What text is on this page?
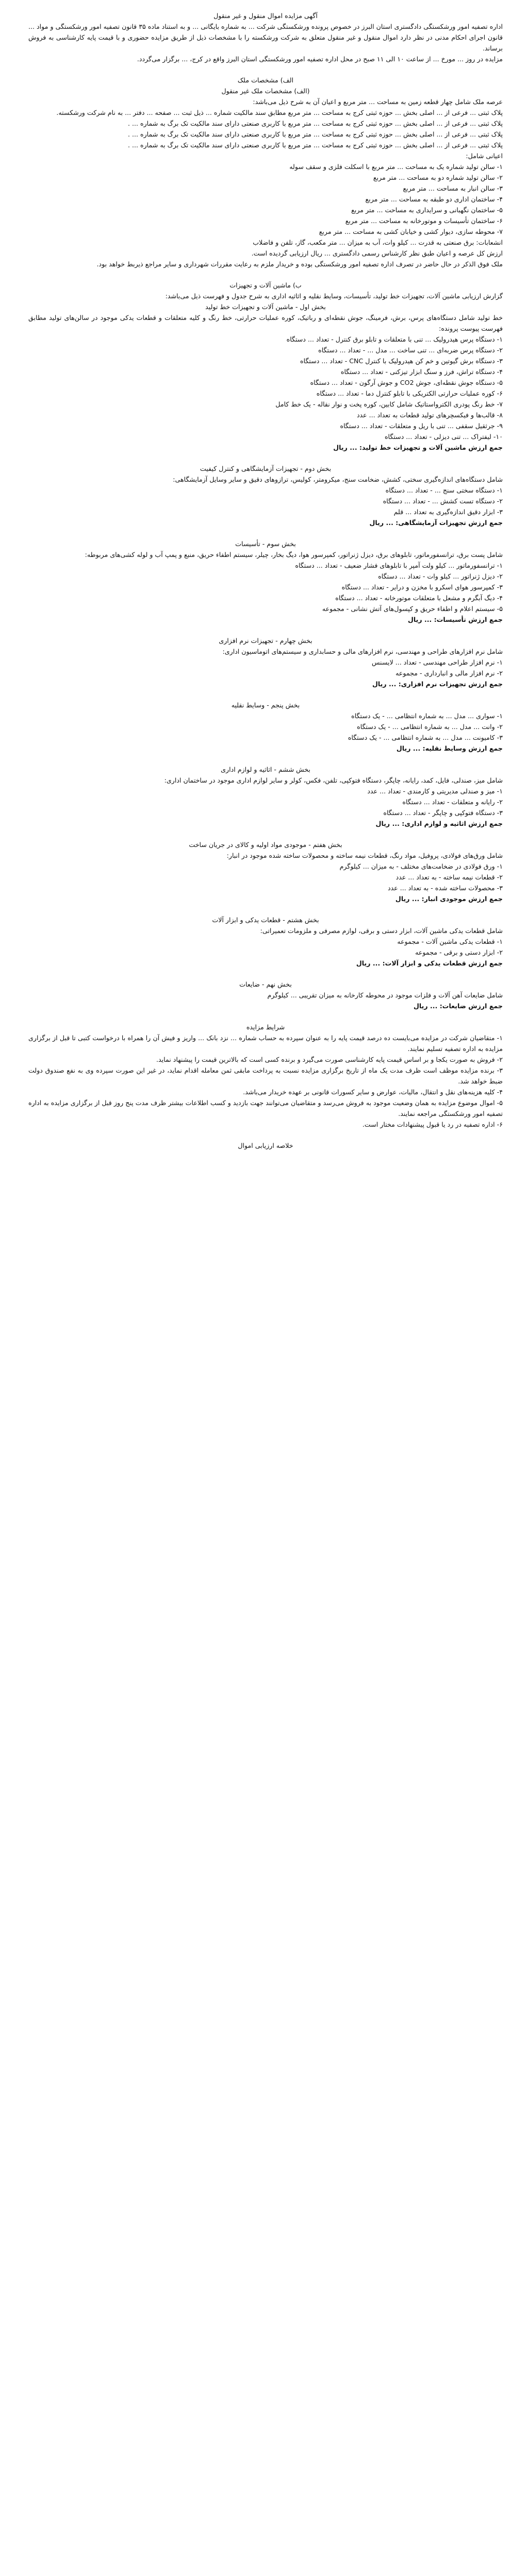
آگهی مزایده اموال منقول و غیر منقول

اداره تصفیه امور ورشکستگی دادگستری استان البرز در خصوص پرونده ورشکستگی شرکت ... به شماره بایگانی ... و به استناد ماده ۳۵ قانون تصفیه امور ورشکستگی و مواد ... قانون اجرای احکام مدنی در نظر دارد اموال منقول و غیر منقول متعلق به شرکت ورشکسته را با مشخصات ذیل از طریق مزایده حضوری و با قیمت پایه کارشناسی به فروش برساند.

مزایده در روز ... مورخ ... از ساعت ۱۰ الی ۱۱ صبح در محل اداره تصفیه امور ورشکستگی استان البرز واقع در کرج، ... برگزار می‌گردد.

الف) مشخصات ملک

(الف) مشخصات ملک غیر منقول

عرصه ملک شامل چهار قطعه زمین به مساحت ... متر مربع و اعیان آن به شرح ذیل می‌باشد:

پلاک ثبتی ... فرعی از ... اصلی بخش ... حوزه ثبتی کرج به مساحت ... متر مربع مطابق سند مالکیت شماره ... ذیل ثبت ... صفحه ... دفتر ... به نام شرکت ورشکسته.

پلاک ثبتی ... فرعی از ... اصلی بخش ... حوزه ثبتی کرج به مساحت ... متر مربع با کاربری صنعتی دارای سند مالکیت تک برگ به شماره ... .

پلاک ثبتی ... فرعی از ... اصلی بخش ... حوزه ثبتی کرج به مساحت ... متر مربع با کاربری صنعتی دارای سند مالکیت تک برگ به شماره ... .

پلاک ثبتی ... فرعی از ... اصلی بخش ... حوزه ثبتی کرج به مساحت ... متر مربع با کاربری صنعتی دارای سند مالکیت تک برگ به شماره ... .

اعیانی شامل:

۱- سالن تولید شماره یک به مساحت ... متر مربع با اسکلت فلزی و سقف سوله

۲- سالن تولید شماره دو به مساحت ... متر مربع

۳- سالن انبار به مساحت ... متر مربع

۴- ساختمان اداری دو طبقه به مساحت ... متر مربع

۵- ساختمان نگهبانی و سرایداری به مساحت ... متر مربع

۶- ساختمان تأسیسات و موتورخانه به مساحت ... متر مربع

۷- محوطه سازی، دیوار کشی و خیابان کشی به مساحت ... متر مربع

انشعابات: برق صنعتی به قدرت ... کیلو وات، آب به میزان ... متر مکعب، گاز، تلفن و فاضلاب

ارزش کل عرصه و اعیان طبق نظر کارشناس رسمی دادگستری ... ریال ارزیابی گردیده است.

ملک فوق الذکر در حال حاضر در تصرف اداره تصفیه امور ورشکستگی بوده و خریدار ملزم به رعایت مقررات شهرداری و سایر مراجع ذیربط خواهد بود.

ب) ماشین آلات و تجهیزات

گزارش ارزیابی ماشین آلات، تجهیزات خط تولید، تأسیسات، وسایط نقلیه و اثاثیه اداری به شرح جدول و فهرست ذیل می‌باشد:

بخش اول - ماشین آلات و تجهیزات خط تولید

خط تولید شامل دستگاه‌های پرس، برش، فرمینگ، جوش نقطه‌ای و رباتیک، کوره عملیات حرارتی، خط رنگ و کلیه متعلقات و قطعات یدکی موجود در سالن‌های تولید مطابق فهرست پیوست پرونده:

۱- دستگاه پرس هیدرولیک ... تنی با متعلقات و تابلو برق کنترل - تعداد ... دستگاه

۲- دستگاه پرس ضربه‌ای ... تنی ساخت ... مدل ... - تعداد ... دستگاه

۳- دستگاه برش گیوتین و خم کن هیدرولیک با کنترل CNC - تعداد ... دستگاه

۴- دستگاه تراش، فرز و سنگ ابزار تیزکنی - تعداد ... دستگاه

۵- دستگاه جوش نقطه‌ای، جوش CO2 و جوش آرگون - تعداد ... دستگاه

۶- کوره عملیات حرارتی الکتریکی با تابلو کنترل دما - تعداد ... دستگاه

۷- خط رنگ پودری الکترواستاتیک شامل کابین، کوره پخت و نوار نقاله - یک خط کامل

۸- قالب‌ها و فیکسچرهای تولید قطعات به تعداد ... عدد

۹- جرثقیل سقفی ... تنی با ریل و متعلقات - تعداد ... دستگاه

۱۰- لیفتراک ... تنی دیزلی - تعداد ... دستگاه

جمع ارزش ماشین آلات و تجهیزات خط تولید: ... ریال

بخش دوم - تجهیزات آزمایشگاهی و کنترل کیفیت

شامل دستگاه‌های اندازه‌گیری سختی، کشش، ضخامت سنج، میکرومتر، کولیس، ترازوهای دقیق و سایر وسایل آزمایشگاهی:

۱- دستگاه سختی سنج ... - تعداد ... دستگاه

۲- دستگاه تست کشش ... - تعداد ... دستگاه

۳- ابزار دقیق اندازه‌گیری به تعداد ... قلم

جمع ارزش تجهیزات آزمایشگاهی: ... ریال

بخش سوم - تأسیسات

شامل پست برق، ترانسفورماتور، تابلوهای برق، دیزل ژنراتور، کمپرسور هوا، دیگ بخار، چیلر، سیستم اطفاء حریق، منبع و پمپ آب و لوله کشی‌های مربوطه:

۱- ترانسفورماتور ... کیلو ولت آمپر با تابلوهای فشار ضعیف - تعداد ... دستگاه

۲- دیزل ژنراتور ... کیلو وات - تعداد ... دستگاه

۳- کمپرسور هوای اسکرو با مخزن و درایر - تعداد ... دستگاه

۴- دیگ آبگرم و مشعل با متعلقات موتورخانه - تعداد ... دستگاه

۵- سیستم اعلام و اطفاء حریق و کپسول‌های آتش نشانی - مجموعه

جمع ارزش تأسیسات: ... ریال

بخش چهارم - تجهیزات نرم افزاری

شامل نرم افزارهای طراحی و مهندسی، نرم افزارهای مالی و حسابداری و سیستم‌های اتوماسیون اداری:

۱- نرم افزار طراحی مهندسی - تعداد ... لایسنس

۲- نرم افزار مالی و انبارداری - مجموعه

جمع ارزش تجهیزات نرم افزاری: ... ریال

بخش پنجم - وسایط نقلیه

۱- سواری ... مدل ... به شماره انتظامی ... - یک دستگاه

۲- وانت ... مدل ... به شماره انتظامی ... - یک دستگاه

۳- کامیونت ... مدل ... به شماره انتظامی ... - یک دستگاه

جمع ارزش وسایط نقلیه: ... ریال

بخش ششم - اثاثیه و لوازم اداری

شامل میز، صندلی، فایل، کمد، رایانه، چاپگر، دستگاه فتوکپی، تلفن، فکس، کولر و سایر لوازم اداری موجود در ساختمان اداری:

۱- میز و صندلی مدیریتی و کارمندی - تعداد ... عدد

۲- رایانه و متعلقات - تعداد ... دستگاه

۳- دستگاه فتوکپی و چاپگر - تعداد ... دستگاه

جمع ارزش اثاثیه و لوازم اداری: ... ریال

بخش هفتم - موجودی مواد اولیه و کالای در جریان ساخت

شامل ورق‌های فولادی، پروفیل، مواد رنگ، قطعات نیمه ساخته و محصولات ساخته شده موجود در انبار:

۱- ورق فولادی در ضخامت‌های مختلف - به میزان ... کیلوگرم

۲- قطعات نیمه ساخته - به تعداد ... عدد

۳- محصولات ساخته شده - به تعداد ... عدد

جمع ارزش موجودی انبار: ... ریال

بخش هشتم - قطعات یدکی و ابزار آلات

شامل قطعات یدکی ماشین آلات، ابزار دستی و برقی، لوازم مصرفی و ملزومات تعمیراتی:

۱- قطعات یدکی ماشین آلات - مجموعه

۲- ابزار دستی و برقی - مجموعه

جمع ارزش قطعات یدکی و ابزار آلات: ... ریال

بخش نهم - ضایعات

شامل ضایعات آهن آلات و فلزات موجود در محوطه کارخانه به میزان تقریبی ... کیلوگرم

جمع ارزش ضایعات: ... ریال

شرایط مزایده

۱- متقاضیان شرکت در مزایده می‌بایست ده درصد قیمت پایه را به عنوان سپرده به حساب شماره ... نزد بانک ... واریز و فیش آن را همراه با درخواست کتبی تا قبل از برگزاری مزایده به اداره تصفیه تسلیم نمایند.

۲- فروش به صورت یکجا و بر اساس قیمت پایه کارشناسی صورت می‌گیرد و برنده کسی است که بالاترین قیمت را پیشنهاد نماید.

۳- برنده مزایده موظف است ظرف مدت یک ماه از تاریخ برگزاری مزایده نسبت به پرداخت مابقی ثمن معامله اقدام نماید، در غیر این صورت سپرده وی به نفع صندوق دولت ضبط خواهد شد.

۴- کلیه هزینه‌های نقل و انتقال، مالیات، عوارض و سایر کسورات قانونی بر عهده خریدار می‌باشد.

۵- اموال موضوع مزایده به همان وضعیت موجود به فروش می‌رسد و متقاضیان می‌توانند جهت بازدید و کسب اطلاعات بیشتر ظرف مدت پنج روز قبل از برگزاری مزایده به اداره تصفیه امور ورشکستگی مراجعه نمایند.

۶- اداره تصفیه در رد یا قبول پیشنهادات مختار است.

خلاصه ارزیابی اموال
